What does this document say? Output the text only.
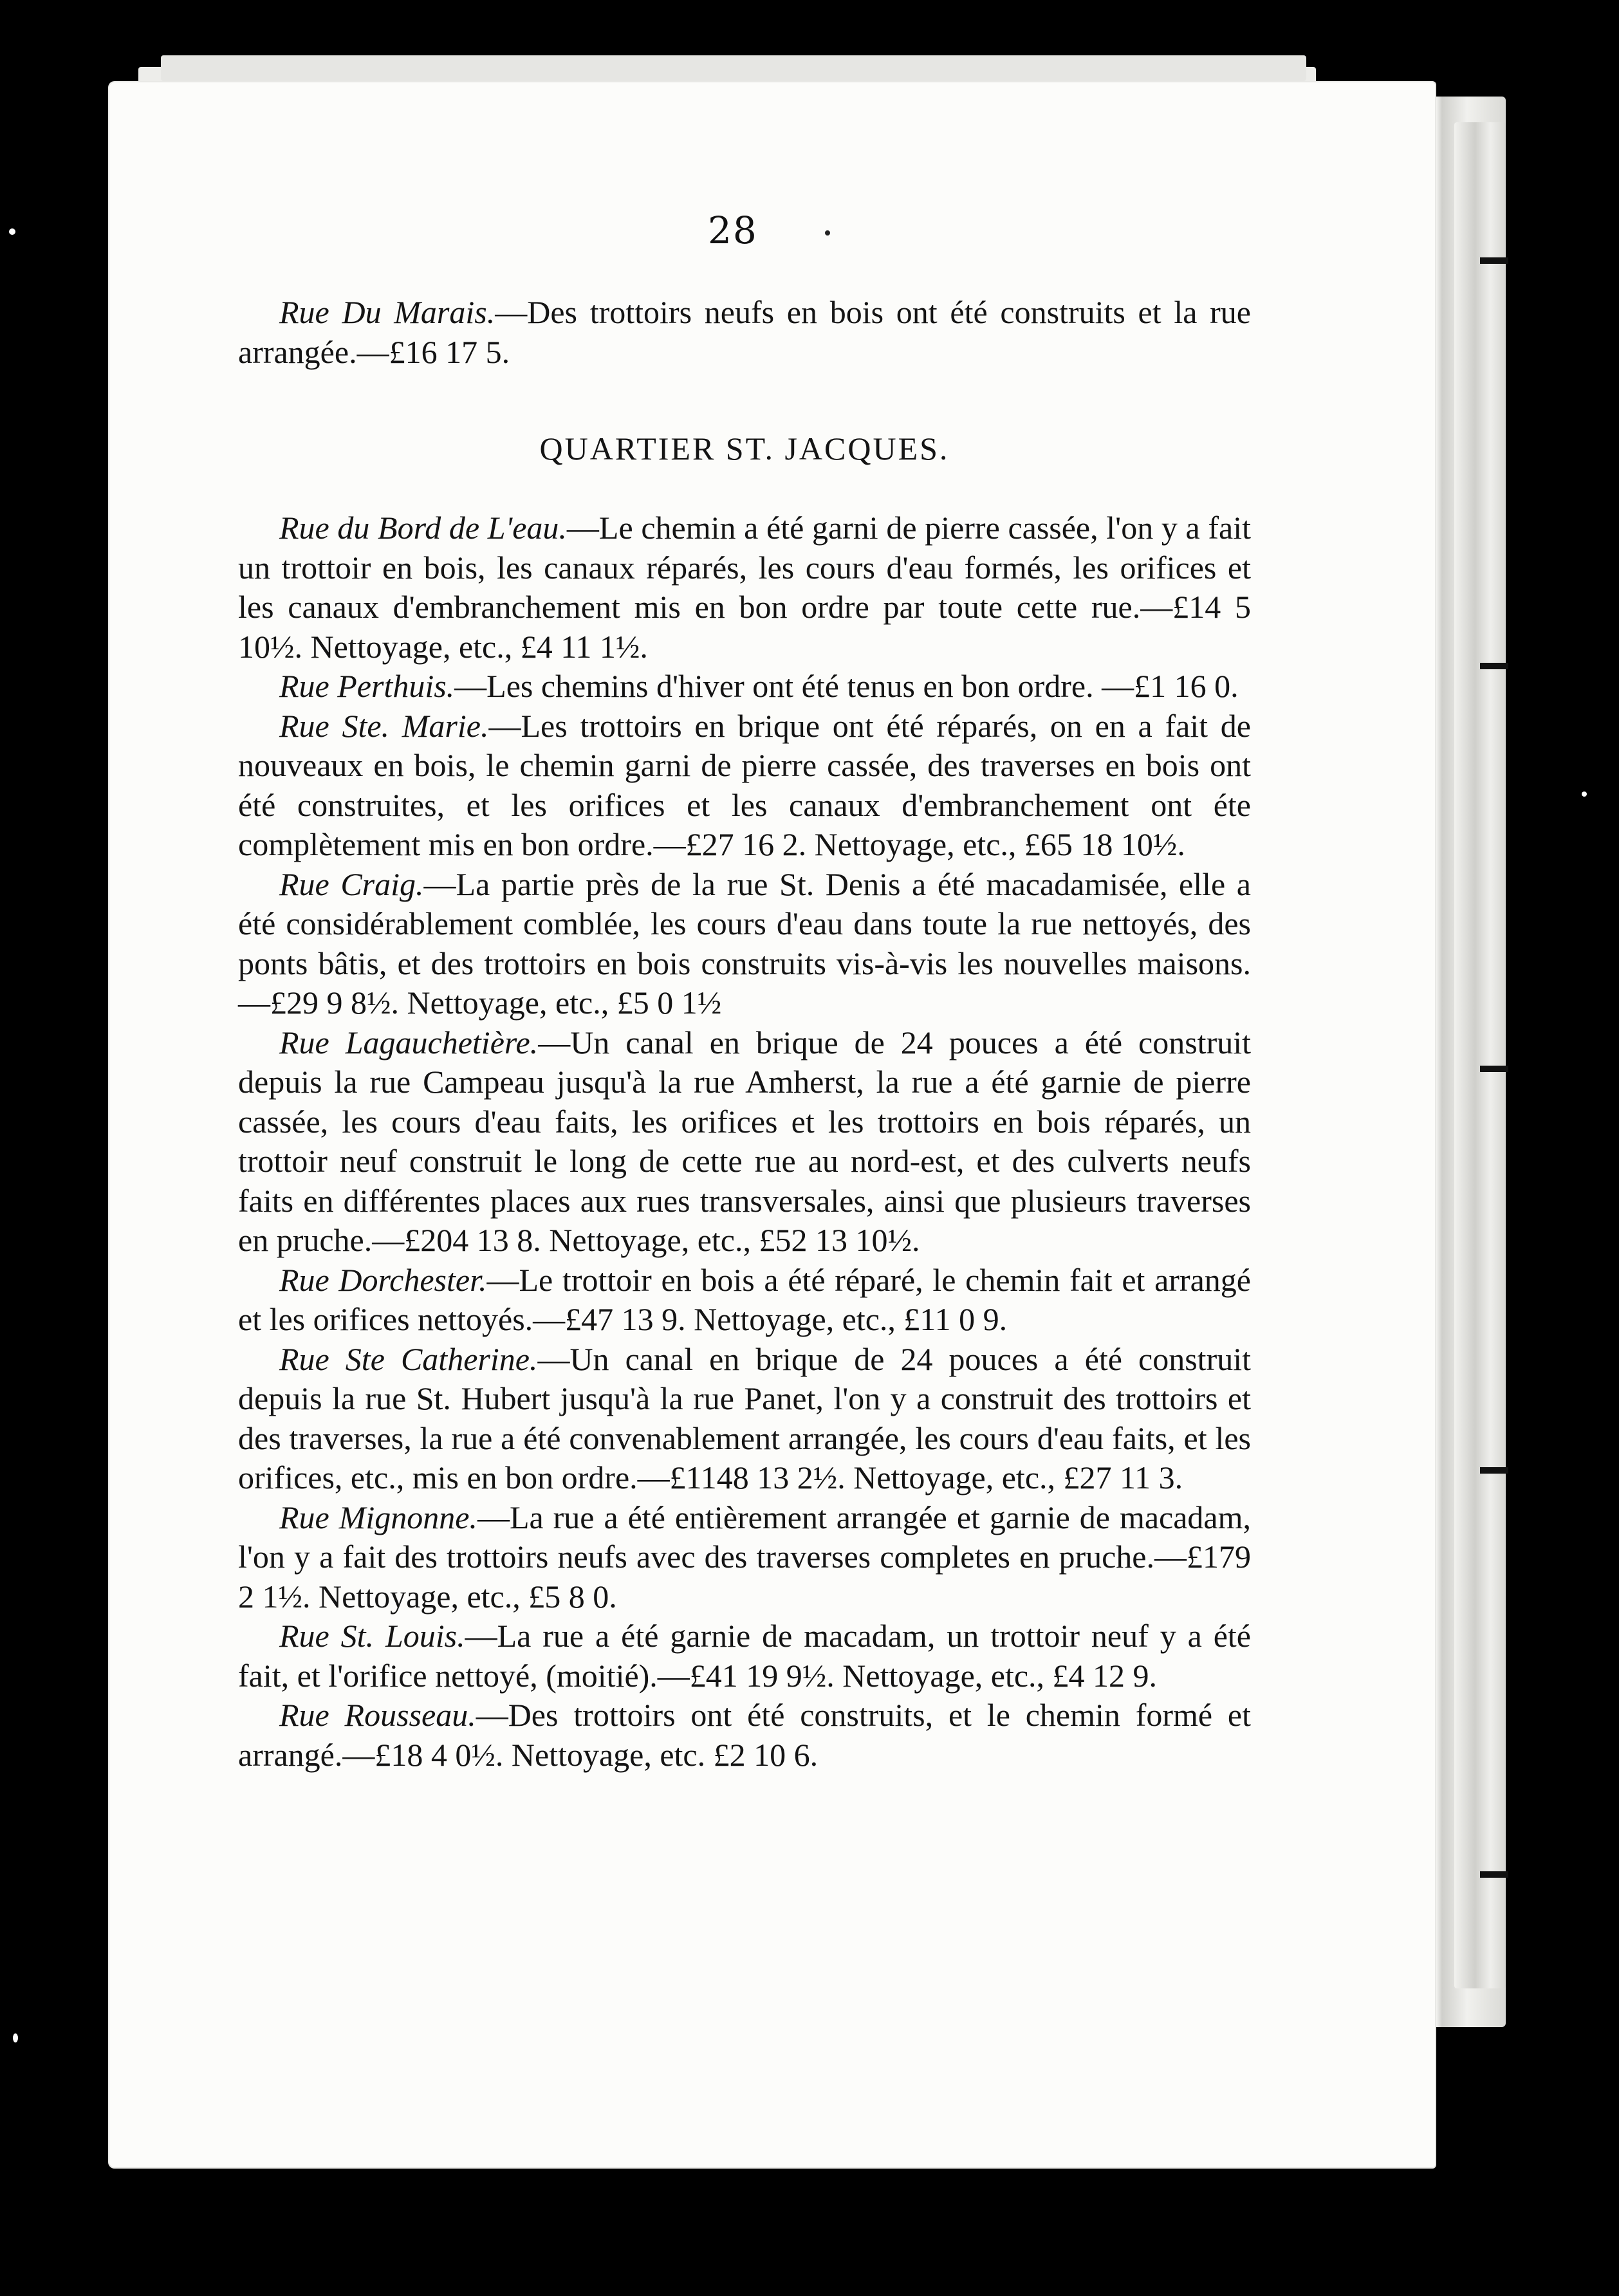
28

Rue Du Marais.—Des trottoirs neufs en bois ont été construits et la rue arrangée.—£16 17 5.

QUARTIER ST. JACQUES.

Rue du Bord de L'eau.—Le chemin a été garni de pierre cassée, l'on y a fait un trottoir en bois, les canaux réparés, les cours d'eau formés, les orifices et les canaux d'embranchement mis en bon ordre par toute cette rue.—£14 5 10½. Nettoyage, etc., £4 11 1½.

Rue Perthuis.—Les chemins d'hiver ont été tenus en bon ordre. —£1 16 0.

Rue Ste. Marie.—Les trottoirs en brique ont été réparés, on en a fait de nouveaux en bois, le chemin garni de pierre cassée, des traverses en bois ont été construites, et les orifices et les canaux d'embranchement ont éte complètement mis en bon ordre.—£27 16 2. Nettoyage, etc., £65 18 10½.

Rue Craig.—La partie près de la rue St. Denis a été macadamisée, elle a été considérablement comblée, les cours d'eau dans toute la rue nettoyés, des ponts bâtis, et des trottoirs en bois construits vis-à-vis les nouvelles maisons.—£29 9 8½. Nettoyage, etc., £5 0 1½

Rue Lagauchetière.—Un canal en brique de 24 pouces a été construit depuis la rue Campeau jusqu'à la rue Amherst, la rue a été garnie de pierre cassée, les cours d'eau faits, les orifices et les trottoirs en bois réparés, un trottoir neuf construit le long de cette rue au nord-est, et des culverts neufs faits en différentes places aux rues transversales, ainsi que plusieurs traverses en pruche.—£204 13 8. Nettoyage, etc., £52 13 10½.

Rue Dorchester.—Le trottoir en bois a été réparé, le chemin fait et arrangé et les orifices nettoyés.—£47 13 9. Nettoyage, etc., £11 0 9.

Rue Ste Catherine.—Un canal en brique de 24 pouces a été construit depuis la rue St. Hubert jusqu'à la rue Panet, l'on y a construit des trottoirs et des traverses, la rue a été convenablement arrangée, les cours d'eau faits, et les orifices, etc., mis en bon ordre.—£1148 13 2½. Nettoyage, etc., £27 11 3.

Rue Mignonne.—La rue a été entièrement arrangée et garnie de macadam, l'on y a fait des trottoirs neufs avec des traverses completes en pruche.—£179 2 1½. Nettoyage, etc., £5 8 0.

Rue St. Louis.—La rue a été garnie de macadam, un trottoir neuf y a été fait, et l'orifice nettoyé, (moitié).—£41 19 9½. Nettoyage, etc., £4 12 9.

Rue Rousseau.—Des trottoirs ont été construits, et le chemin formé et arrangé.—£18 4 0½. Nettoyage, etc. £2 10 6.
